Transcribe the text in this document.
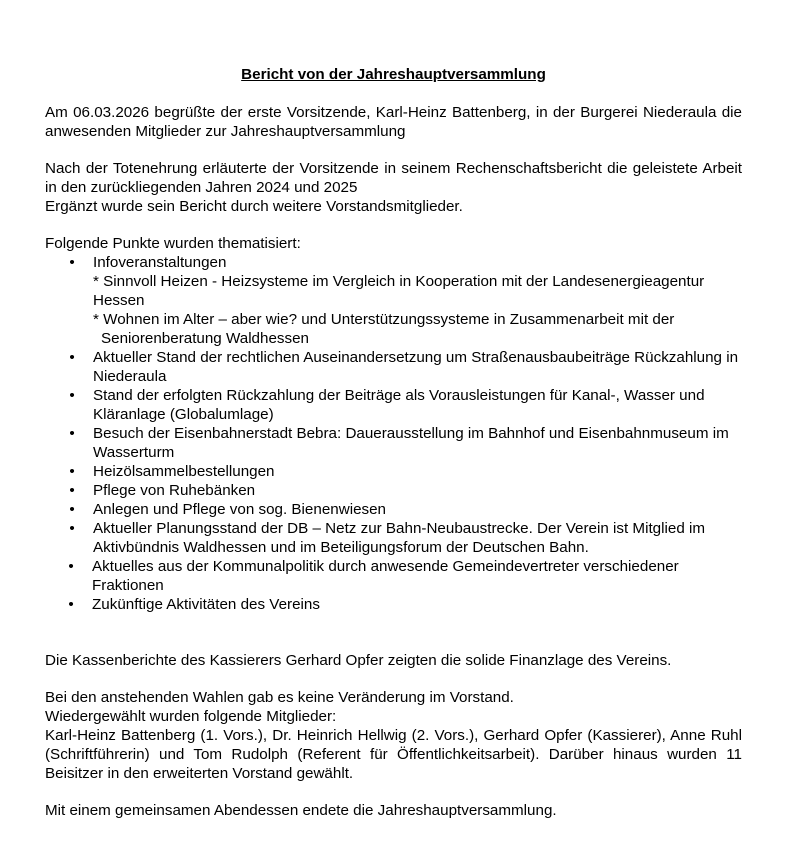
Bericht von der Jahreshauptversammlung

Am 06.03.2026 begrüßte der erste Vorsitzende, Karl-Heinz Battenberg, in der Burgerei Niederaula die anwesenden Mitglieder zur Jahreshauptversammlung

Nach der Totenehrung erläuterte der Vorsitzende in seinem Rechenschaftsbericht die geleistete Arbeit in den zurückliegenden Jahren 2024 und 2025
Ergänzt wurde sein Bericht durch weitere Vorstandsmitglieder.

Folgende Punkte wurden thematisiert:

• Infoveranstaltungen
* Sinnvoll Heizen - Heizsysteme im Vergleich in Kooperation mit der Landesenergieagentur Hessen
* Wohnen im Alter – aber wie? und Unterstützungssysteme in Zusammenarbeit mit der
Seniorenberatung Waldhessen
• Aktueller Stand der rechtlichen Auseinandersetzung um Straßenausbaubeiträge Rückzahlung in Niederaula
• Stand der erfolgten Rückzahlung der Beiträge als Vorausleistungen für Kanal-, Wasser und Kläranlage (Globalumlage)
• Besuch der Eisenbahnerstadt Bebra: Dauerausstellung im Bahnhof und Eisenbahnmuseum im Wasserturm
• Heizölsammelbestellungen
• Pflege von Ruhebänken
• Anlegen und Pflege von sog. Bienenwiesen
• Aktueller Planungsstand der DB – Netz zur Bahn-Neubaustrecke. Der Verein ist Mitglied im Aktivbündnis Waldhessen und im Beteiligungsforum der Deutschen Bahn.
• Aktuelles aus der Kommunalpolitik durch anwesende Gemeindevertreter verschiedener Fraktionen
• Zukünftige Aktivitäten des Vereins

Die Kassenberichte des Kassierers Gerhard Opfer zeigten die solide Finanzlage des Vereins.

Bei den anstehenden Wahlen gab es keine Veränderung im Vorstand.
Wiedergewählt wurden folgende Mitglieder:
Karl-Heinz Battenberg (1. Vors.), Dr. Heinrich Hellwig (2. Vors.), Gerhard Opfer (Kassierer), Anne Ruhl (Schriftführerin) und Tom Rudolph (Referent für Öffentlichkeitsarbeit). Darüber hinaus wurden 11 Beisitzer in den erweiterten Vorstand gewählt.

Mit einem gemeinsamen Abendessen endete die Jahreshauptversammlung.
